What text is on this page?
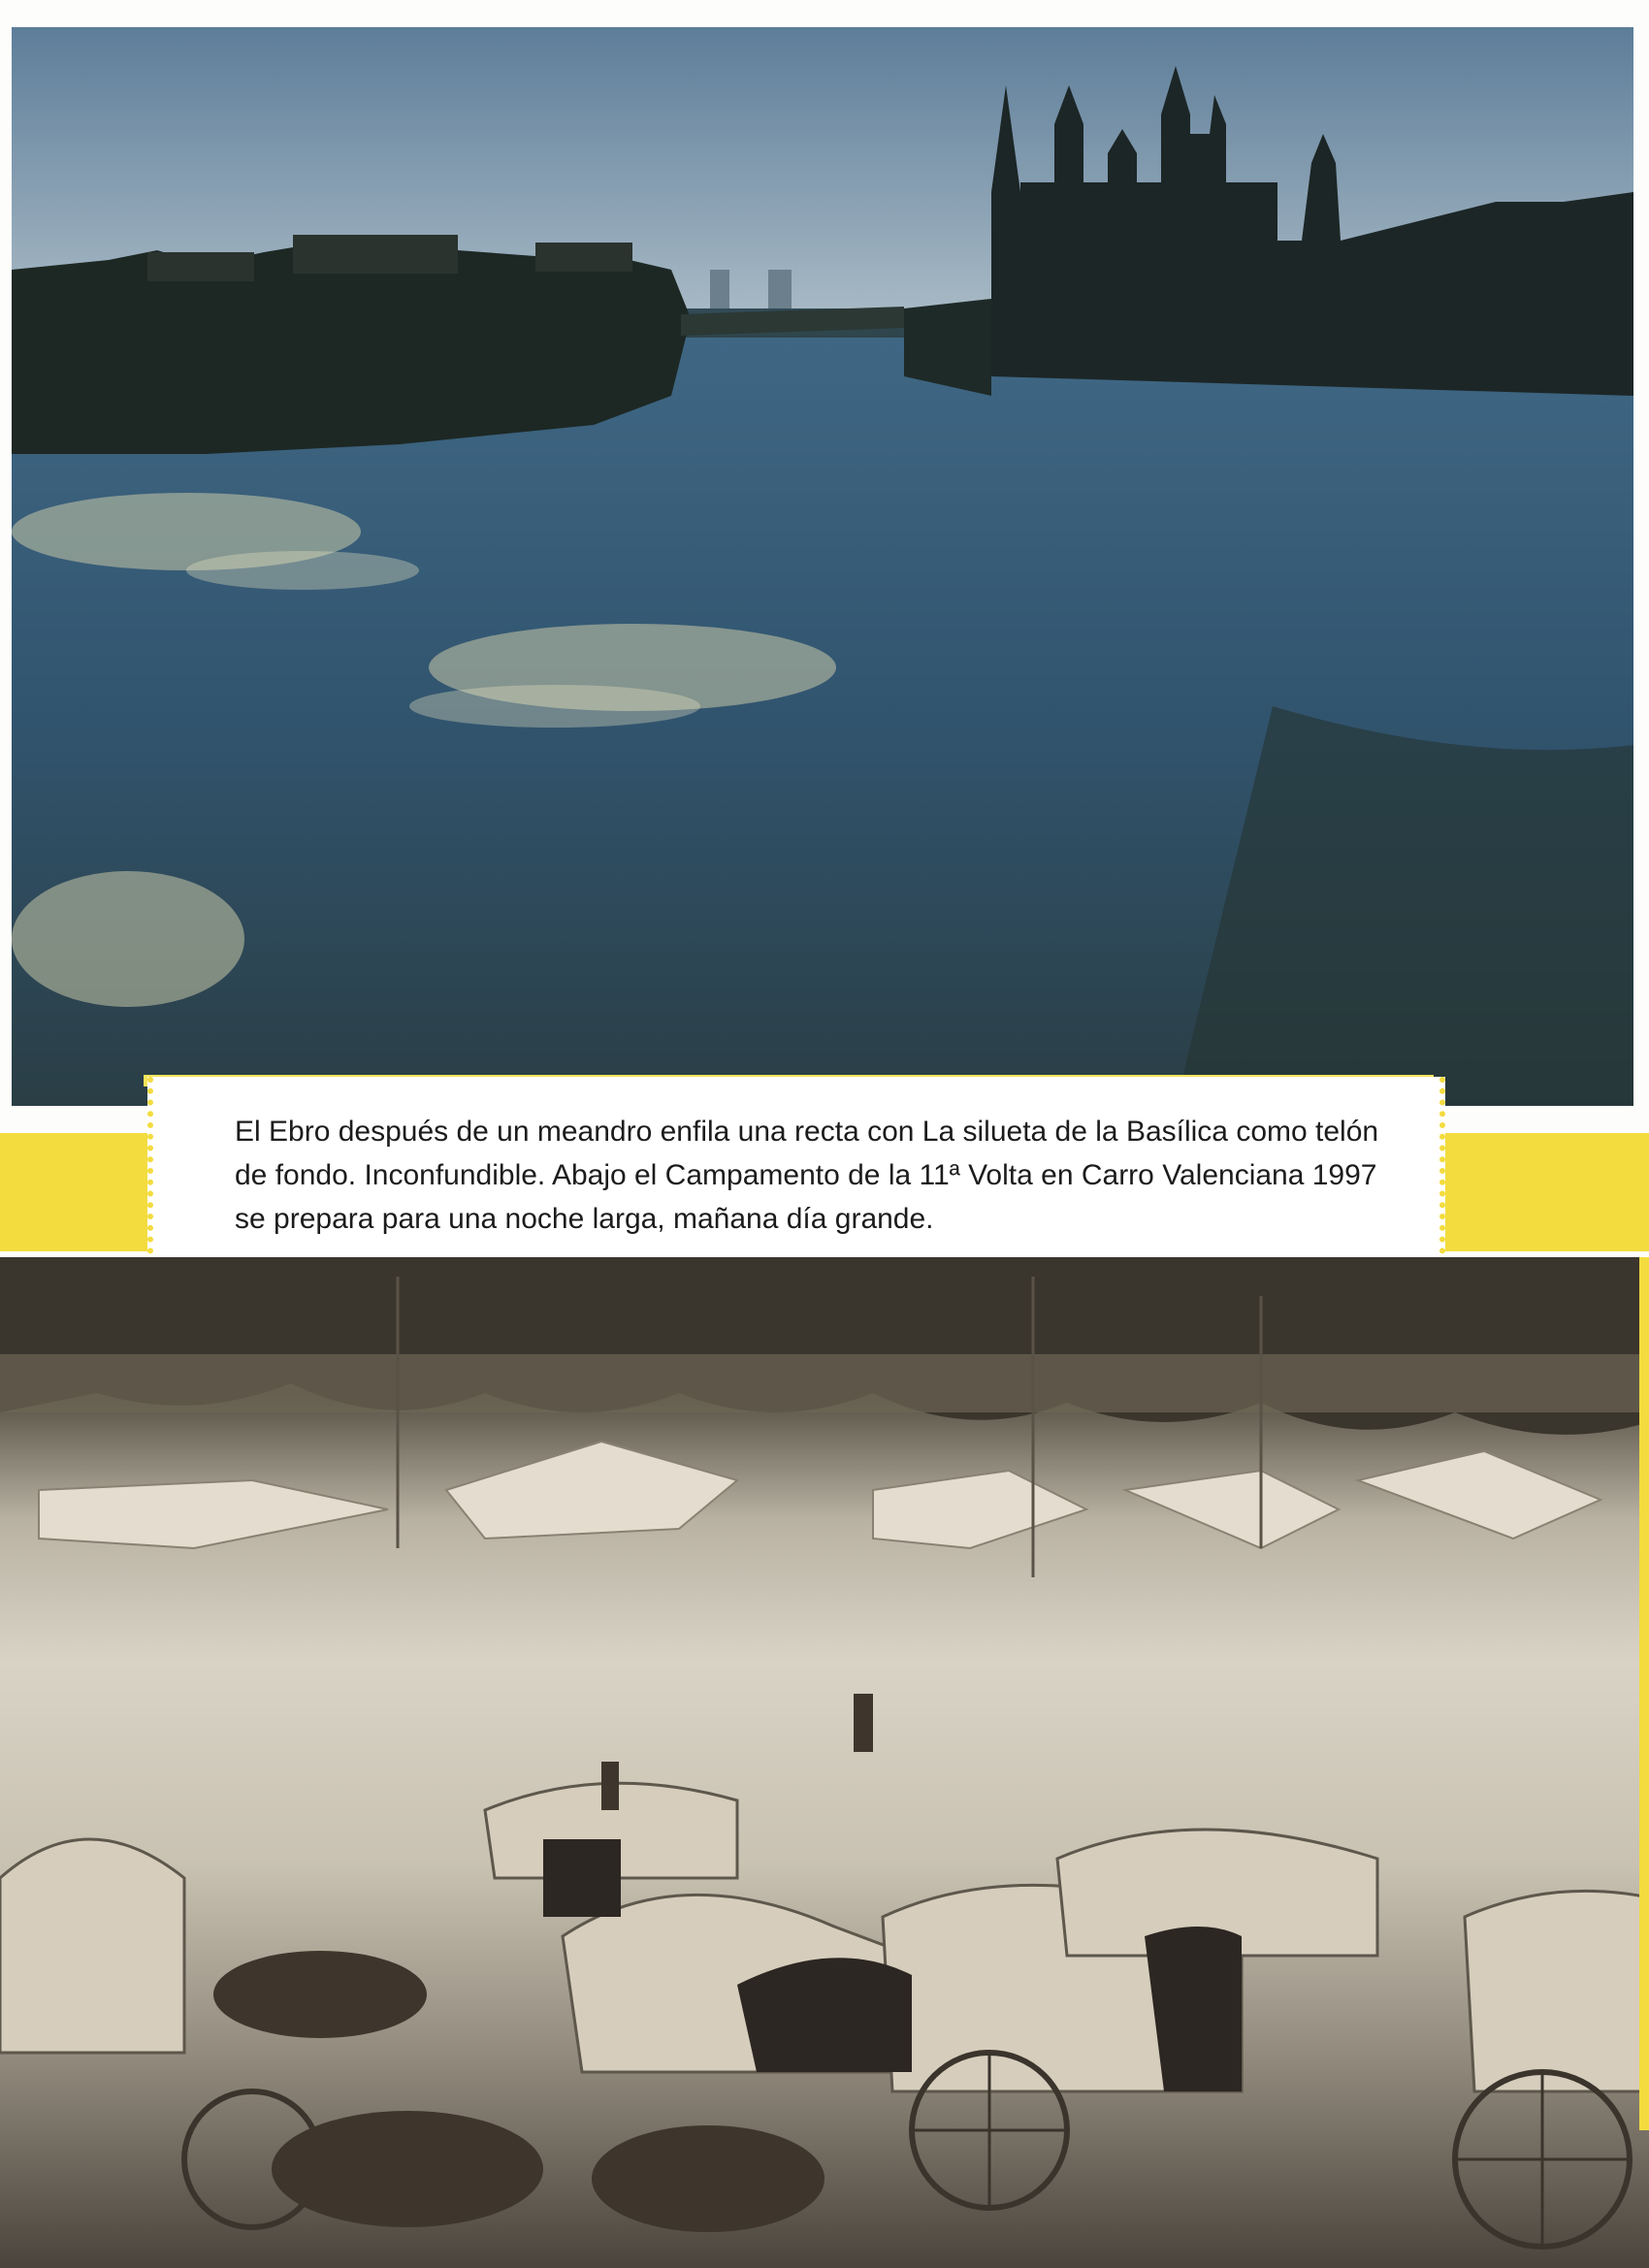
El Ebro después de un meandro enfila una recta con La silueta de la Basílica como telón de fondo. Inconfundible. Abajo el Campamento de la 11ª Volta en Carro Valenciana 1997 se prepara para una noche larga, mañana día grande.
